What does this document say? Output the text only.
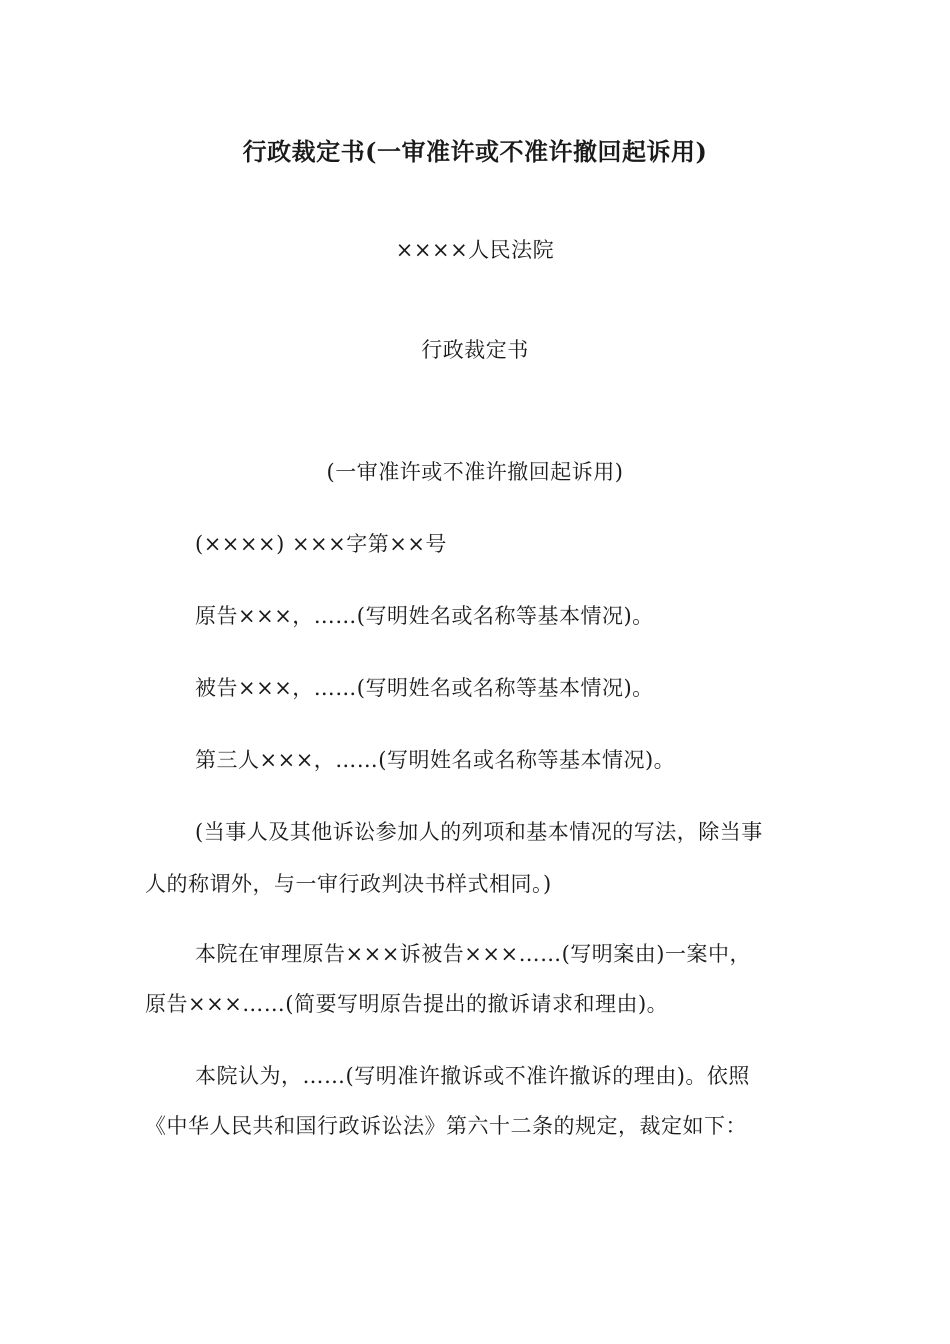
行政裁定书(一审准许或不准许撤回起诉用)
××××人民法院
行政裁定书
(一审准许或不准许撤回起诉用)
(××××) ×××字第××号
原告×××，……(写明姓名或名称等基本情况)。
被告×××，……(写明姓名或名称等基本情况)。
第三人×××，……(写明姓名或名称等基本情况)。
(当事人及其他诉讼参加人的列项和基本情况的写法，除当事
人的称谓外，与一审行政判决书样式相同。)
本院在审理原告×××诉被告×××……(写明案由)一案中，
原告×××……(简要写明原告提出的撤诉请求和理由)。
本院认为，……(写明准许撤诉或不准许撤诉的理由)。依照
《中华人民共和国行政诉讼法》第六十二条的规定，裁定如下：
